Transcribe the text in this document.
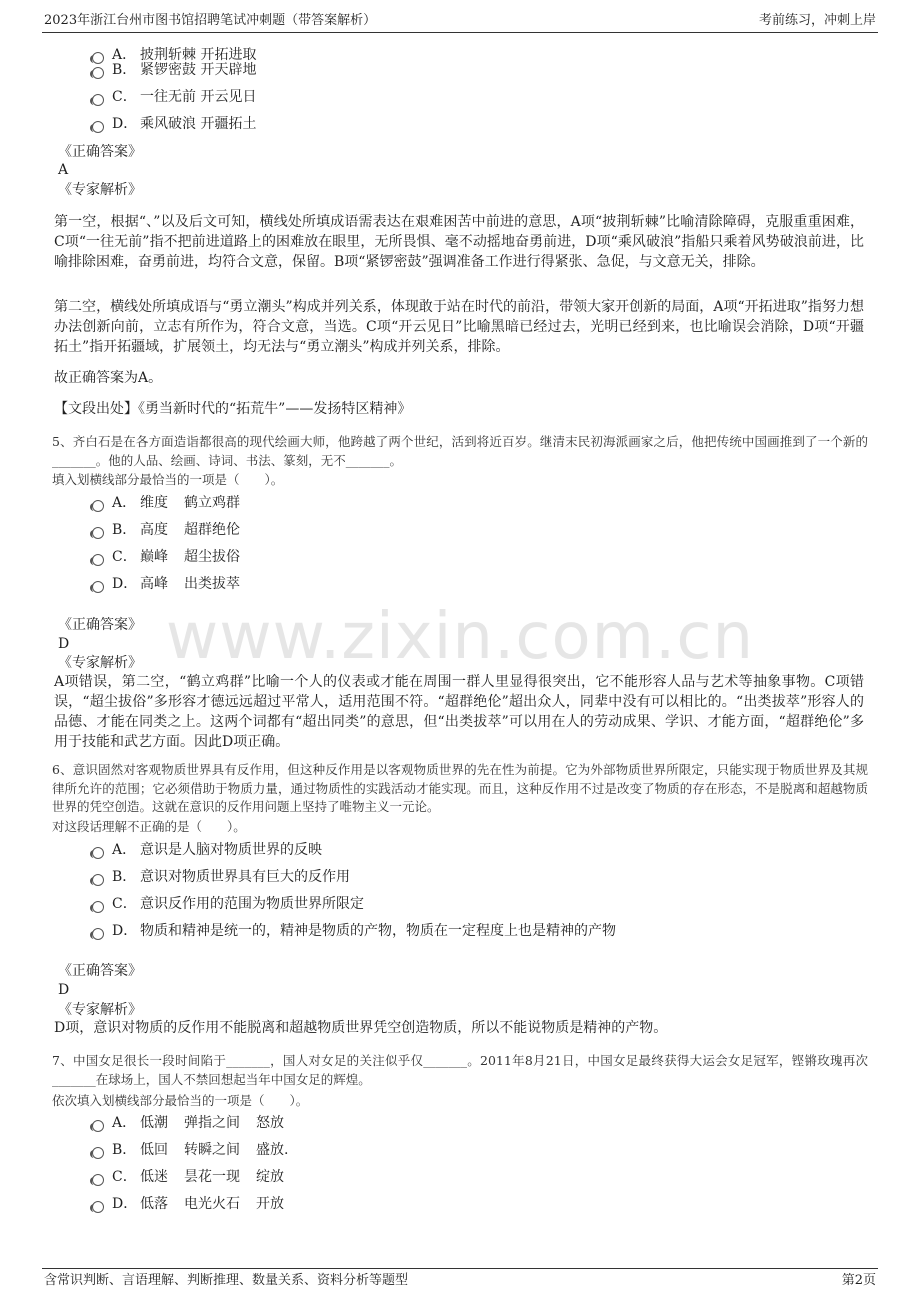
2023年浙江台州市图书馆招聘笔试冲刺题（带答案解析）	考前练习，冲刺上岸
www.zixin.com.cn
A． 披荆斩棘 开拓进取
B． 紧锣密鼓 开天辟地
C． 一往无前 开云见日
D． 乘风破浪 开疆拓土
《正确答案》
A
《专家解析》
第一空，根据“、”以及后文可知，横线处所填成语需表达在艰难困苦中前进的意思，A项“披荆斩棘”比喻清除障碍，克服重重困难，C项“一往无前”指不把前进道路上的困难放在眼里，无所畏惧、毫不动摇地奋勇前进，D项“乘风破浪”指船只乘着风势破浪前进，比喻排除困难，奋勇前进，均符合文意，保留。B项“紧锣密鼓”强调准备工作进行得紧张、急促，与文意无关，排除。
第二空，横线处所填成语与“勇立潮头”构成并列关系，体现敢于站在时代的前沿，带领大家开创新的局面，A项“开拓进取”指努力想办法创新向前，立志有所作为，符合文意，当选。C项“开云见日”比喻黑暗已经过去，光明已经到来，也比喻误会消除，D项“开疆拓土”指开拓疆域，扩展领土，均无法与“勇立潮头”构成并列关系，排除。
故正确答案为A。
【文段出处】《勇当新时代的“拓荒牛”——发扬特区精神》
5、齐白石是在各方面造诣都很高的现代绘画大师，他跨越了两个世纪，活到将近百岁。继清末民初海派画家之后，他把传统中国画推到了一个新的_______。他的人品、绘画、诗词、书法、篆刻，无不_______。
填入划横线部分最恰当的一项是（　　）。
A． 维度 鹤立鸡群
B． 高度 超群绝伦
C． 巅峰 超尘拔俗
D． 高峰 出类拔萃
《正确答案》
D
《专家解析》
A项错误，第二空，“鹤立鸡群”比喻一个人的仪表或才能在周围一群人里显得很突出，它不能形容人品与艺术等抽象事物。C项错误，“超尘拔俗”多形容才德远远超过平常人，适用范围不符。“超群绝伦”超出众人，同辈中没有可以相比的。“出类拔萃”形容人的品德、才能在同类之上。这两个词都有“超出同类”的意思，但“出类拔萃”可以用在人的劳动成果、学识、才能方面，“超群绝伦”多用于技能和武艺方面。因此D项正确。
6、意识固然对客观物质世界具有反作用，但这种反作用是以客观物质世界的先在性为前提。它为外部物质世界所限定，只能实现于物质世界及其规律所允许的范围；它必须借助于物质力量，通过物质性的实践活动才能实现。而且，这种反作用不过是改变了物质的存在形态，不是脱离和超越物质世界的凭空创造。这就在意识的反作用问题上坚持了唯物主义一元论。
对这段话理解不正确的是（　　）。
A． 意识是人脑对物质世界的反映
B． 意识对物质世界具有巨大的反作用
C． 意识反作用的范围为物质世界所限定
D． 物质和精神是统一的，精神是物质的产物，物质在一定程度上也是精神的产物
《正确答案》
D
《专家解析》
D项，意识对物质的反作用不能脱离和超越物质世界凭空创造物质，所以不能说物质是精神的产物。
7、中国女足很长一段时间陷于_______，国人对女足的关注似乎仅_______。2011年8月21日，中国女足最终获得大运会女足冠军，铿锵玫瑰再次_______在球场上，国人不禁回想起当年中国女足的辉煌。
依次填入划横线部分最恰当的一项是（　　）。
A． 低潮 弹指之间 怒放
B． 低回 转瞬之间 盛放.
C． 低迷 昙花一现 绽放
D． 低落 电光火石 开放
含常识判断、言语理解、判断推理、数量关系、资料分析等题型	第2页
